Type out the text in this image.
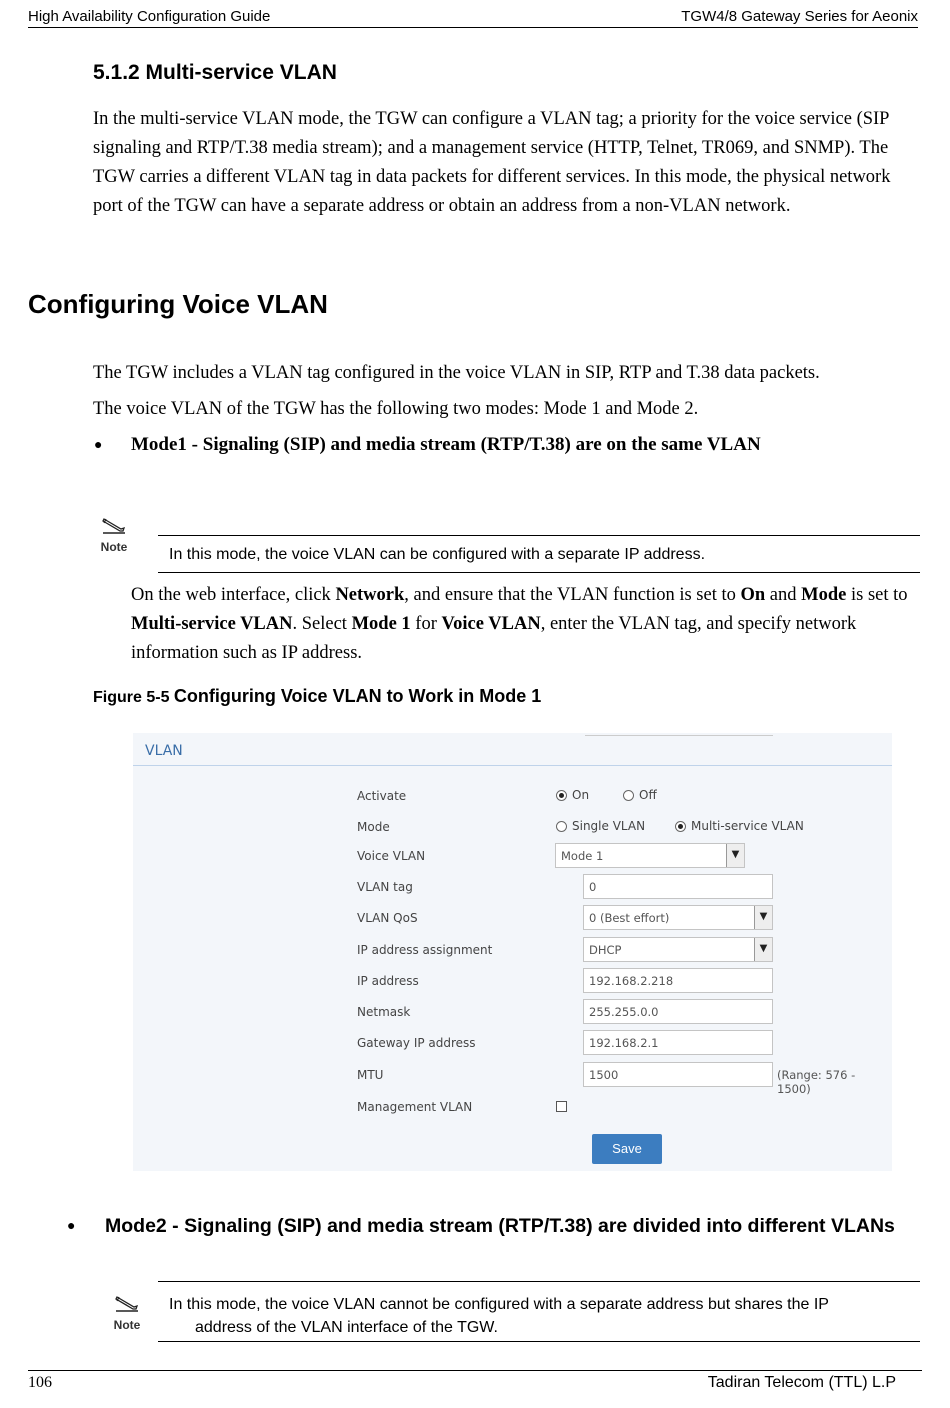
High Availability Configuration Guide	TGW4/8 Gateway Series for Aeonix
5.1.2 Multi-service VLAN
In the multi-service VLAN mode, the TGW can configure a VLAN tag; a priority for the voice service (SIP signaling and RTP/T.38 media stream); and a management service (HTTP, Telnet, TR069, and SNMP). The TGW carries a different VLAN tag in data packets for different services. In this mode, the physical network port of the TGW can have a separate address or obtain an address from a non-VLAN network.
Configuring Voice VLAN
The TGW includes a VLAN tag configured in the voice VLAN in SIP, RTP and T.38 data packets.
The voice VLAN of the TGW has the following two modes: Mode 1 and Mode 2.
● Mode1 - Signaling (SIP) and media stream (RTP/T.38) are on the same VLAN
Note	In this mode, the voice VLAN can be configured with a separate IP address.
On the web interface, click Network, and ensure that the VLAN function is set to On and Mode is set to Multi-service VLAN. Select Mode 1 for Voice VLAN, enter the VLAN tag, and specify network information such as IP address.
Figure 5-5 Configuring Voice VLAN to Work in Mode 1
VLAN
Activate	On	Off
Mode	Single VLAN	Multi-service VLAN
Voice VLAN	Mode 1	▼
VLAN tag	0
VLAN QoS	0 (Best effort)	▼
IP address assignment	DHCP	▼
IP address	192.168.2.218
Netmask	255.255.0.0
Gateway IP address	192.168.2.1
MTU	1500	(Range: 576 - 1500)
Management VLAN
Save
● Mode2 - Signaling (SIP) and media stream (RTP/T.38) are divided into different VLANs
Note
In this mode, the voice VLAN cannot be configured with a separate address but shares the IP address of the VLAN interface of the TGW.
106	Tadiran Telecom (TTL) L.P
